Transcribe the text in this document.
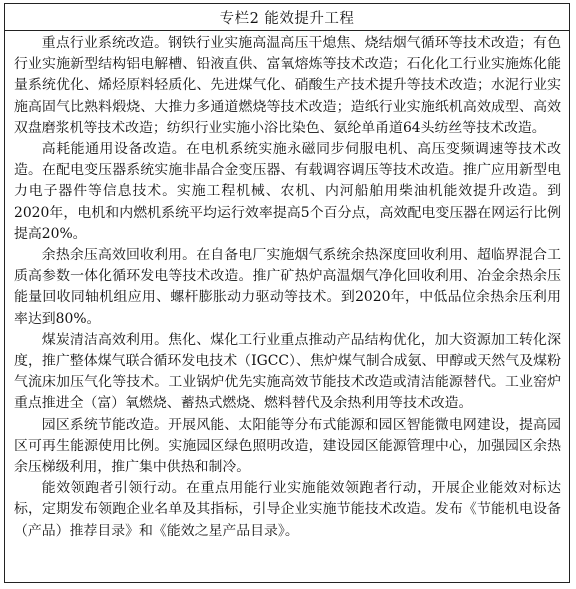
专栏2 能效提升工程

重点行业系统改造。钢铁行业实施高温高压干熄焦、烧结烟气循环等技术改造；有色行业实施新型结构铝电解槽、铅液直供、富氧熔炼等技术改造；石化化工行业实施炼化能量系统优化、烯烃原料轻质化、先进煤气化、硝酸生产技术提升等技术改造；水泥行业实施高固气比熟料煅烧、大推力多通道燃烧等技术改造；造纸行业实施纸机高效成型、高效双盘磨浆机等技术改造；纺织行业实施小浴比染色、氨纶单甬道64头纺丝等技术改造。

高耗能通用设备改造。在电机系统实施永磁同步伺服电机、高压变频调速等技术改造。在配电变压器系统实施非晶合金变压器、有载调容调压等技术改造。推广应用新型电力电子器件等信息技术。实施工程机械、农机、内河船舶用柴油机能效提升改造。到2020年，电机和内燃机系统平均运行效率提高5个百分点，高效配电变压器在网运行比例提高20%。

余热余压高效回收利用。在自备电厂实施烟气系统余热深度回收利用、超临界混合工质高参数一体化循环发电等技术改造。推广矿热炉高温烟气净化回收利用、冶金余热余压能量回收同轴机组应用、螺杆膨胀动力驱动等技术。到2020年，中低品位余热余压利用率达到80%。

煤炭清洁高效利用。焦化、煤化工行业重点推动产品结构优化，加大资源加工转化深度，推广整体煤气联合循环发电技术（IGCC）、焦炉煤气制合成氨、甲醇或天然气及煤粉气流床加压气化等技术。工业锅炉优先实施高效节能技术改造或清洁能源替代。工业窑炉重点推进全（富）氧燃烧、蓄热式燃烧、燃料替代及余热利用等技术改造。

园区系统节能改造。开展风能、太阳能等分布式能源和园区智能微电网建设，提高园区可再生能源使用比例。实施园区绿色照明改造，建设园区能源管理中心，加强园区余热余压梯级利用，推广集中供热和制冷。

能效领跑者引领行动。在重点用能行业实施能效领跑者行动，开展企业能效对标达标，定期发布领跑企业名单及其指标，引导企业实施节能技术改造。发布《节能机电设备（产品）推荐目录》和《能效之星产品目录》。
